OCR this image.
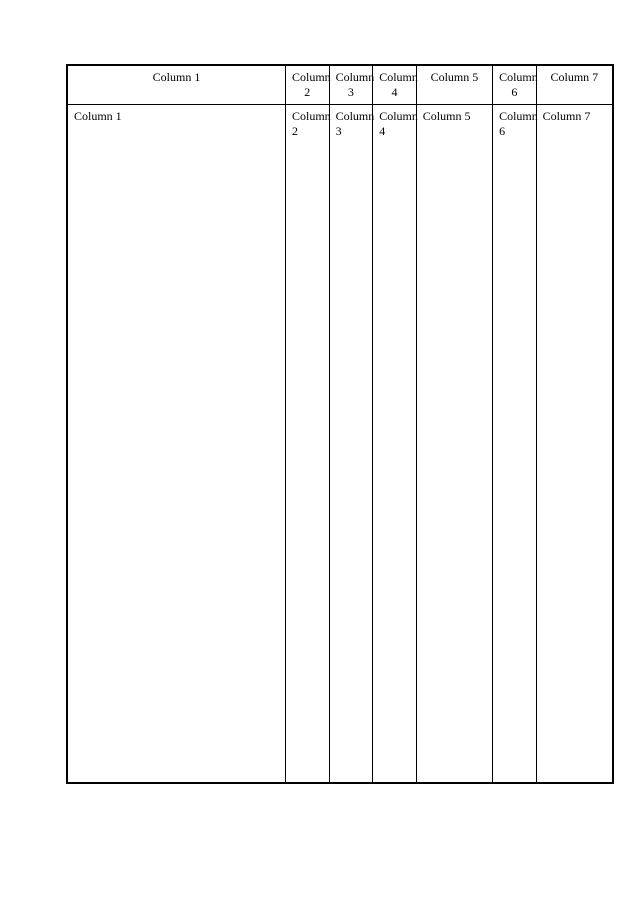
Column 1	Column 2	Column 3	Column 4	Column 5	Column 6	Column 7
Column 1	Column 2	Column 3	Column 4	Column 5	Column 6	Column 7
